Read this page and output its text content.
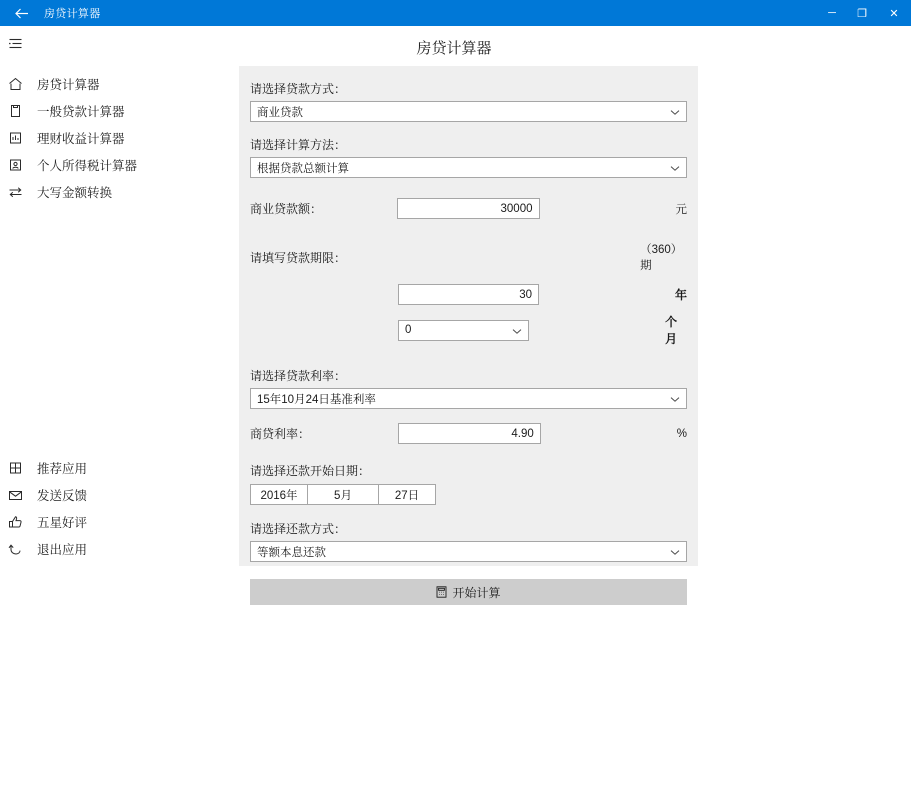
房贷计算器	─	❐	✕
房贷计算器
一般贷款计算器
理财收益计算器
个人所得税计算器
大写金额转换
推荐应用
发送反馈
五星好评
退出应用
房贷计算器
请选择贷款方式：
商业贷款
请选择计算方法：
根据贷款总额计算
商业贷款额：	30000	元
请填写贷款期限：
（360）期
30	年
0
个月
请选择贷款利率：
15年10月24日基准利率
商贷利率：	4.90	%
请选择还款开始日期：
2016年	5月	27日
请选择还款方式：
等额本息还款
开始计算
